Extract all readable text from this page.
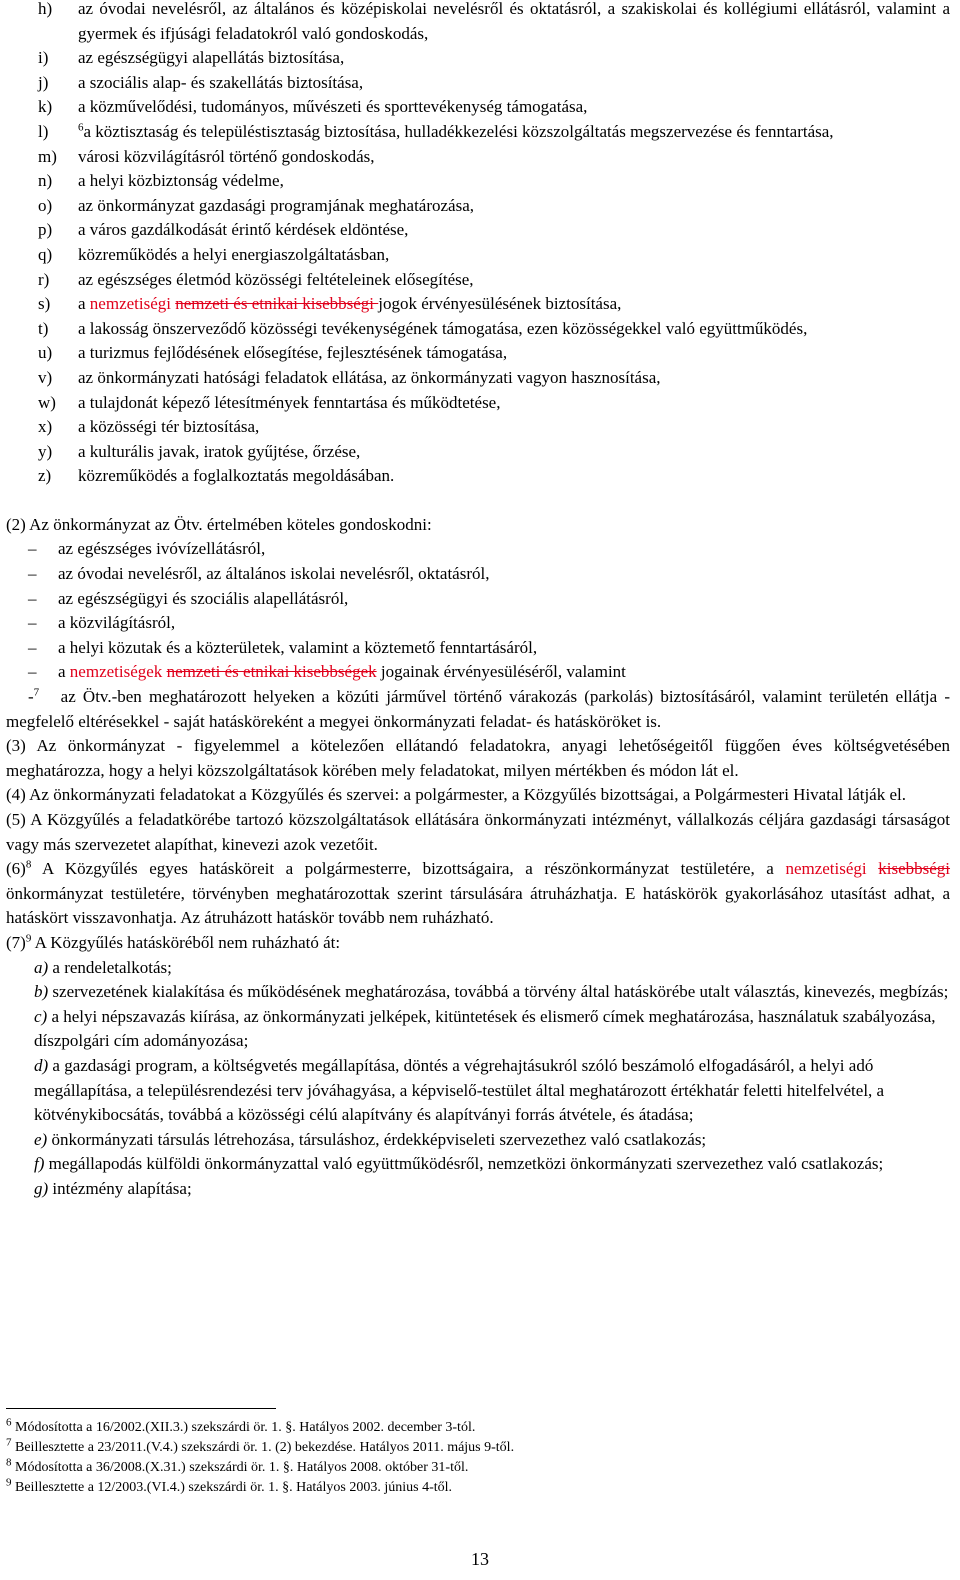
h)	az óvodai nevelésről, az általános és középiskolai nevelésről és oktatásról, a szakiskolai és kollégiumi ellátásról, valamint a gyermek és ifjúsági feladatokról való gondoskodás,
i)	az egészségügyi alapellátás biztosítása,
j)	a szociális alap- és szakellátás biztosítása,
k)	a közművelődési, tudományos, művészeti és sporttevékenység támogatása,
l)	$^6$a köztisztaság és településtisztaság biztosítása, hulladékkezelési közszolgáltatás megszervezése és fenntartása,
m)	városi közvilágításról történő gondoskodás,
n)	a helyi közbiztonság védelme,
o)	az önkormányzat gazdasági programjának meghatározása,
p)	a város gazdálkodását érintő kérdések eldöntése,
q)	közreműködés a helyi energiaszolgáltatásban,
r)	az egészséges életmód közösségi feltételeinek elősegítése,
s)	a nemzetiségi nemzeti és etnikai kisebbségi jogok érvényesülésének biztosítása,
t)	a lakosság önszerveződő közösségi tevékenységének támogatása, ezen közösségekkel való együttműködés,
u)	a turizmus fejlődésének elősegítése, fejlesztésének támogatása,
v)	az önkormányzati hatósági feladatok ellátása, az önkormányzati vagyon hasznosítása,
w)	a tulajdonát képező létesítmények fenntartása és működtetése,
x)	a közösségi tér biztosítása,
y)	a kulturális javak, iratok gyűjtése, őrzése,
z)	közreműködés a foglalkoztatás megoldásában.

(2) Az önkormányzat az Ötv. értelmében köteles gondoskodni:

–	az egészséges ivóvízellátásról,
–	az óvodai nevelésről, az általános iskolai nevelésről, oktatásról,
–	az egészségügyi és szociális alapellátásról,
–	a közvilágításról,
–	a helyi közutak és a közterületek, valamint a köztemető fenntartásáról,
–	a nemzetiségek nemzeti és etnikai kisebbségek jogainak érvényesüléséről, valamint

-$^7$ az Ötv.-ben meghatározott helyeken a közúti járművel történő várakozás (parkolás) biztosításáról, valamint területén ellátja - megfelelő eltérésekkel - saját hatásköreként a megyei önkormányzati feladat- és hatásköröket is.

(3) Az önkormányzat - figyelemmel a kötelezően ellátandó feladatokra, anyagi lehetőségeitől függően éves költségvetésében meghatározza, hogy a helyi közszolgáltatások körében mely feladatokat, milyen mértékben és módon lát el.

(4) Az önkormányzati feladatokat a Közgyűlés és szervei: a polgármester, a Közgyűlés bizottságai, a Polgármesteri Hivatal látják el.

(5) A Közgyűlés a feladatkörébe tartozó közszolgáltatások ellátására önkormányzati intézményt, vállalkozás céljára gazdasági társaságot vagy más szervezetet alapíthat, kinevezi azok vezetőit.

$(6)^8$ A Közgyűlés egyes hatásköreit a polgármesterre, bizottságaira, a részönkormányzat testületére, a nemzetiségi kisebbségi önkormányzat testületére, törvényben meghatározottak szerint társulására átruházhatja. E hatáskörök gyakorlásához utasítást adhat, a hatáskört visszavonhatja. Az átruházott hatáskör tovább nem ruházható.

$(7)^9$ A Közgyűlés hatásköréből nem ruházható át:

a) a rendeletalkotás;
b) szervezetének kialakítása és működésének meghatározása, továbbá a törvény által hatáskörébe utalt választás, kinevezés, megbízás;
c) a helyi népszavazás kiírása, az önkormányzati jelképek, kitüntetések és elismerő címek meghatározása, használatuk szabályozása, díszpolgári cím adományozása;
d) a gazdasági program, a költségvetés megállapítása, döntés a végrehajtásukról szóló beszámoló elfogadásáról, a helyi adó megállapítása, a településrendezési terv jóváhagyása, a képviselő-testület által meghatározott értékhatár feletti hitelfelvétel, a kötvénykibocsátás, továbbá a közösségi célú alapítvány és alapítványi forrás átvétele, és átadása;
e) önkormányzati társulás létrehozása, társuláshoz, érdekképviseleti szervezethez való csatlakozás;
f) megállapodás külföldi önkormányzattal való együttműködésről, nemzetközi önkormányzati szervezethez való csatlakozás;
g) intézmény alapítása;
$^6$ Módosította a 16/2002.(XII.3.) szekszárdi ör. 1. §. Hatályos 2002. december 3-tól.
$^7$ Beillesztette a 23/2011.(V.4.) szekszárdi ör. 1. (2) bekezdése. Hatályos 2011. május 9-től.
$^8$ Módosította a 36/2008.(X.31.) szekszárdi ör. 1. §. Hatályos 2008. október 31-től.
$^9$ Beillesztette a 12/2003.(VI.4.) szekszárdi ör. 1. §. Hatályos 2003. június 4-től.
13
